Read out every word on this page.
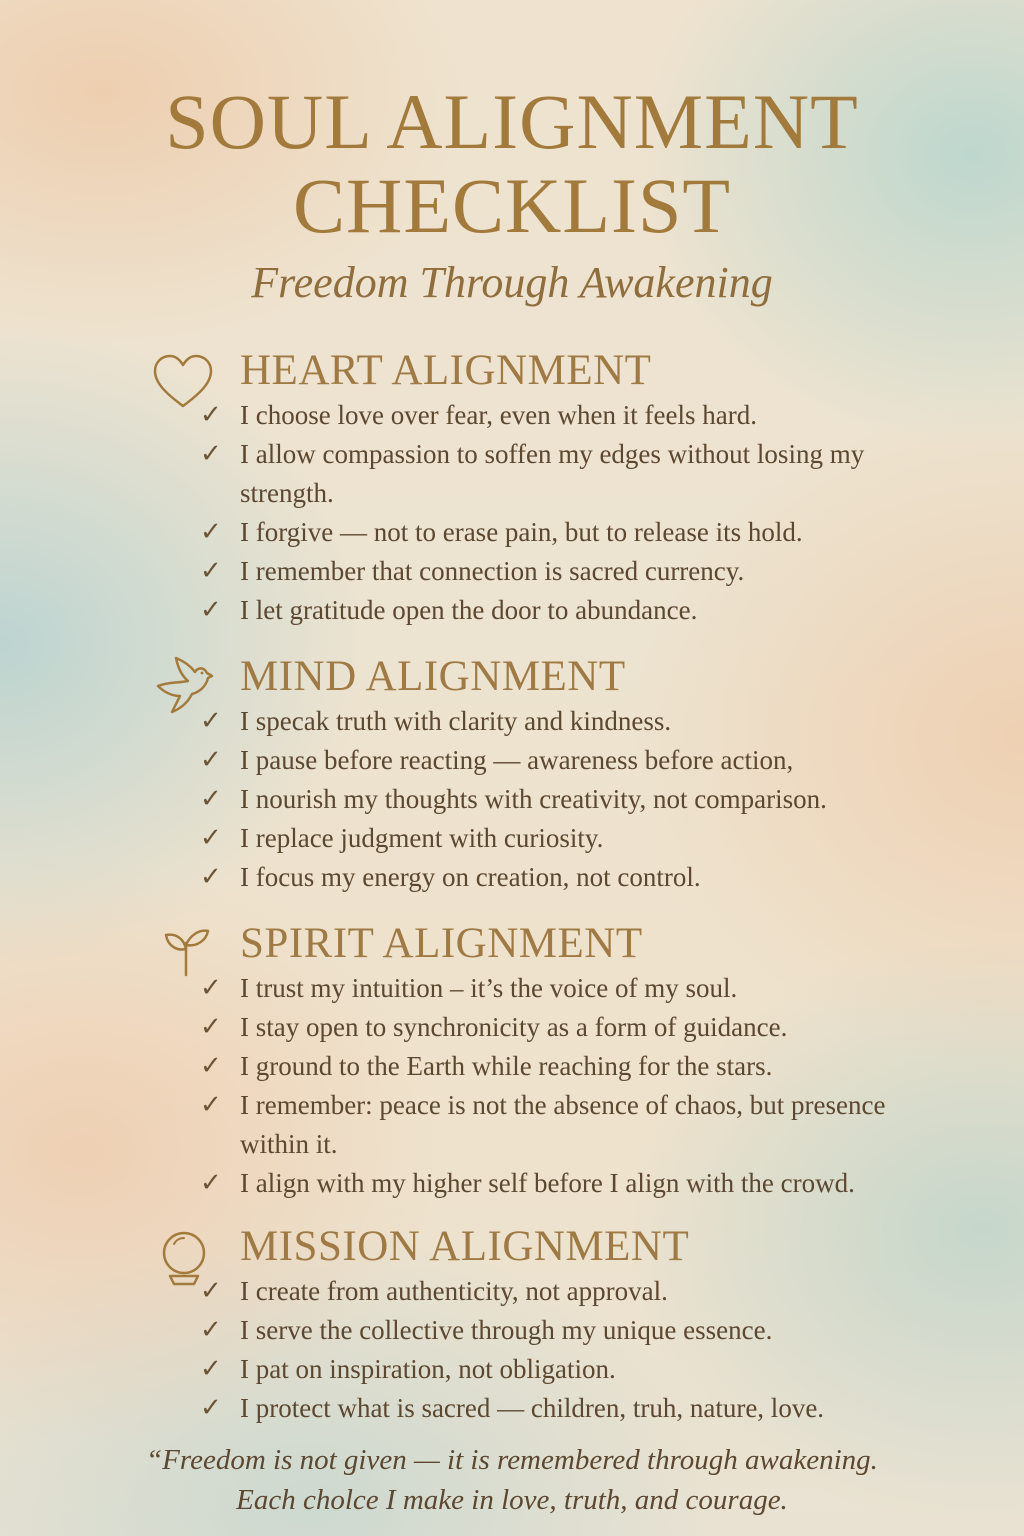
SOUL ALIGNMENT
CHECKLIST

Freedom Through Awakening

HEART ALIGNMENT
✓ I choose love over fear, even when it feels hard.
✓ I allow compassion to soffen my edges without losing my strength.
✓ I forgive — not to erase pain, but to release its hold.
✓ I remember that connection is sacred currency.
✓ I let gratitude open the door to abundance.
MIND ALIGNMENT
✓ I specak truth with clarity and kindness.
✓ I pause before reacting — awareness before action,
✓ I nourish my thoughts with creativity, not comparison.
✓ I replace judgment with curiosity.
✓ I focus my energy on creation, not control.
SPIRIT ALIGNMENT
✓ I trust my intuition – it’s the voice of my soul.
✓ I stay open to synchronicity as a form of guidance.
✓ I ground to the Earth while reaching for the stars.
✓ I remember: peace is not the absence of chaos, but presence within it.
✓ I align with my higher self before I align with the crowd.
MISSION ALIGNMENT
✓ I create from authenticity, not approval.
✓ I serve the collective through my unique essence.
✓ I pat on inspiration, not obligation.
✓ I protect what is sacred — children, truh, nature, love.

“Freedom is not given — it is remembered through awakening.
Each cholce I make in love, truth, and courage.
